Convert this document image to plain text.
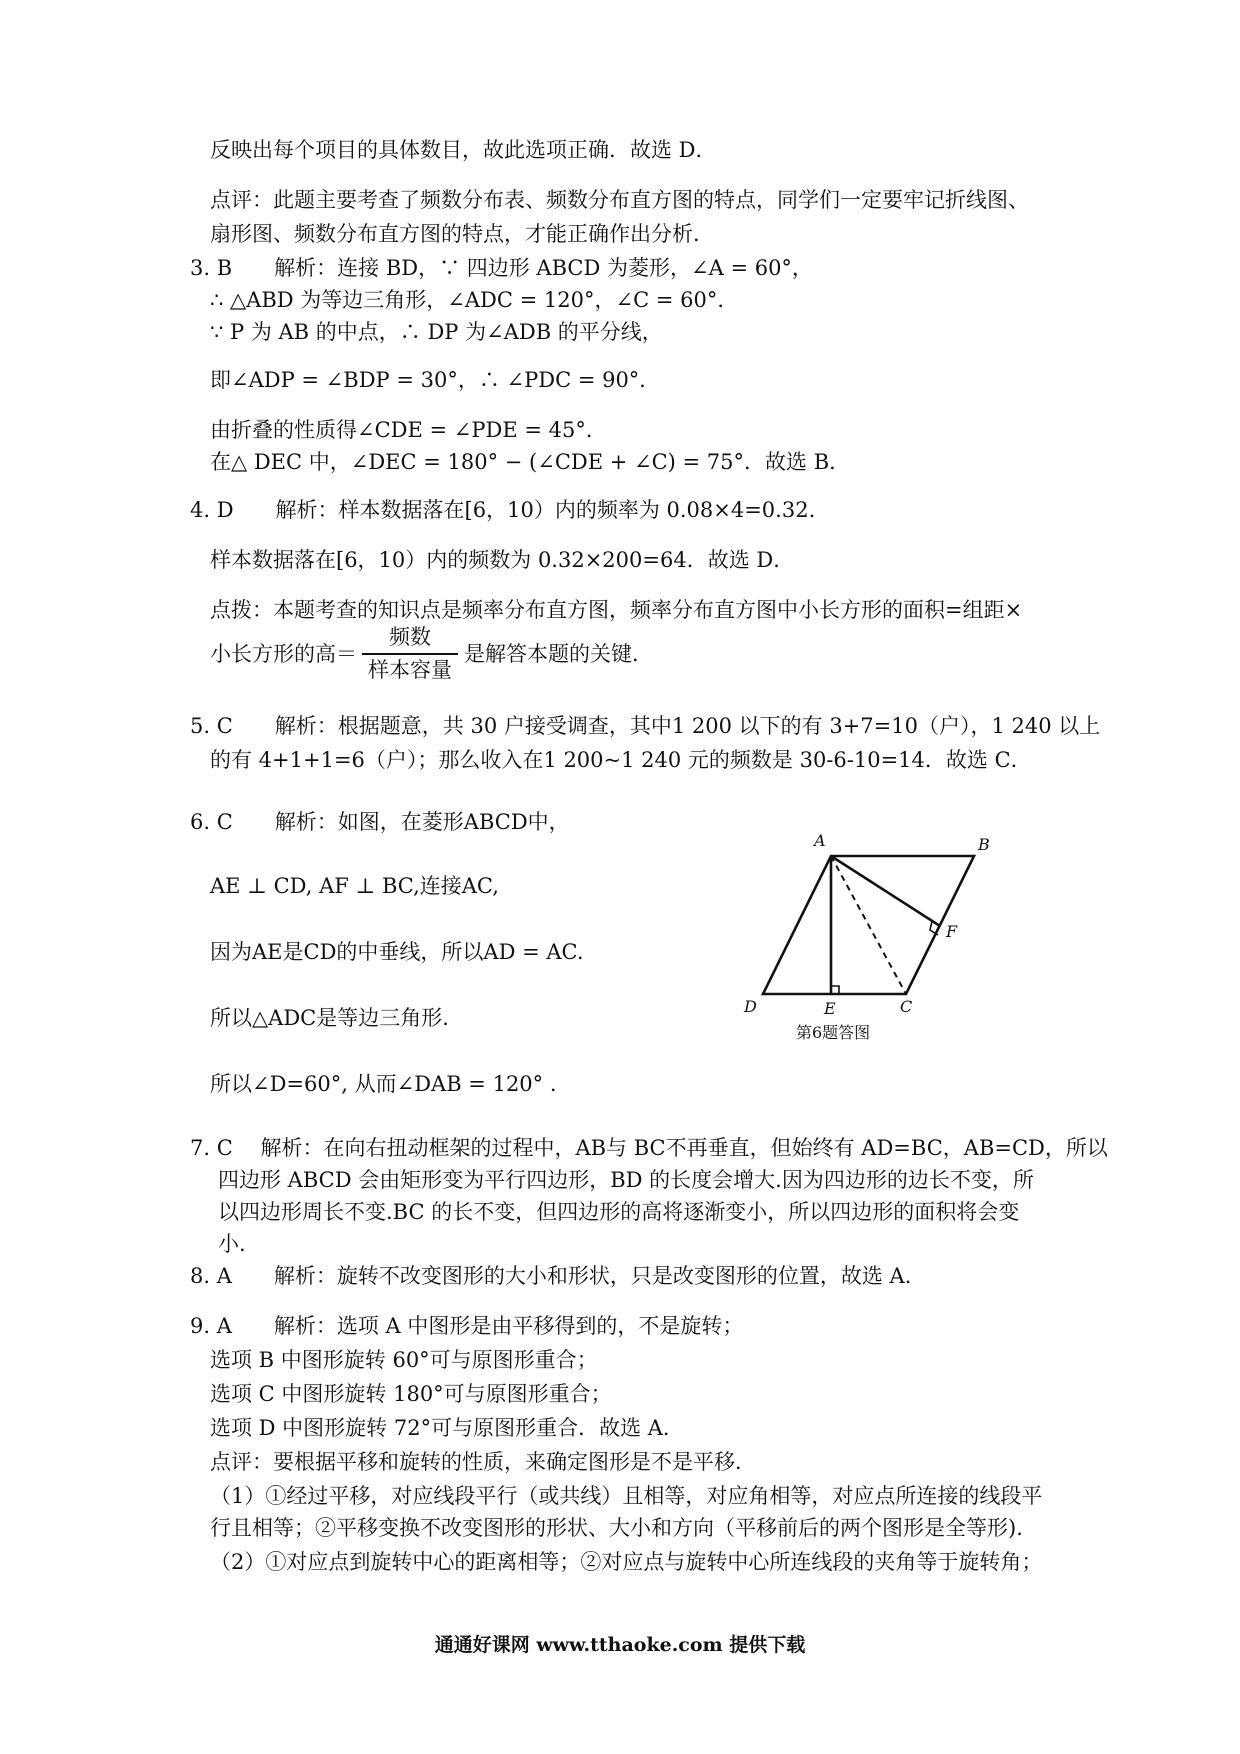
反映出每个项目的具体数目，故此选项正确．故选 D．
点评：此题主要考查了频数分布表、频数分布直方图的特点，同学们一定要牢记折线图、
扇形图、频数分布直方图的特点，才能正确作出分析．
3. B　　解析：连接 BD，∵ 四边形 ABCD 为菱形，∠A = 60°，
∴ △ABD 为等边三角形，∠ADC = 120°，∠C = 60°．
∵ P 为 AB 的中点，∴ DP 为∠ADB 的平分线，
即∠ADP = ∠BDP = 30°，∴ ∠PDC = 90°．
由折叠的性质得∠CDE = ∠PDE = 45°．
在△ DEC 中，∠DEC = 180° − (∠CDE + ∠C) = 75°．故选 B．
4. D　　解析：样本数据落在[6，10）内的频率为 0.08×4=0.32.
样本数据落在[6，10）内的频数为 0.32×200=64．故选 D．
点拨：本题考查的知识点是频率分布直方图，频率分布直方图中小长方形的面积=组距×
小长方形的高＝
频数
样本容量
是解答本题的关键．
5. C　　解析：根据题意，共 30 户接受调查，其中1 200 以下的有 3+7=10（户），1 240 以上
的有 4+1+1=6（户）；那么收入在1 200~1 240 元的频数是 30-6-10=14．故选 C．
6. C　　解析：如图，在菱形ABCD中，
AE ⊥ CD, AF ⊥ BC,连接AC,
因为AE是CD的中垂线，所以AD = AC.
所以△ADC是等边三角形.
所以∠D=60°, 从而∠DAB = 120° .
7. C　 解析：在向右扭动框架的过程中，AB与 BC不再垂直，但始终有 AD=BC，AB=CD，所以
四边形 ABCD 会由矩形变为平行四边形，BD 的长度会增大.因为四边形的边长不变，所
以四边形周长不变.BC 的长不变，但四边形的高将逐渐变小，所以四边形的面积将会变
小.
8. A　　解析：旋转不改变图形的大小和形状，只是改变图形的位置，故选 A．
9. A　　解析：选项 A 中图形是由平移得到的，不是旋转；
选项 B 中图形旋转 60°可与原图形重合；
选项 C 中图形旋转 180°可与原图形重合；
选项 D 中图形旋转 72°可与原图形重合．故选 A．
点评：要根据平移和旋转的性质，来确定图形是不是平移．
（1）①经过平移，对应线段平行（或共线）且相等，对应角相等，对应点所连接的线段平
行且相等；②平移变换不改变图形的形状、大小和方向（平移前后的两个图形是全等形).
（2）①对应点到旋转中心的距离相等；②对应点与旋转中心所连线段的夹角等于旋转角；
A	B
F
D	E	C
第6题答图
通通好课网 www.tthaoke.com 提供下载
